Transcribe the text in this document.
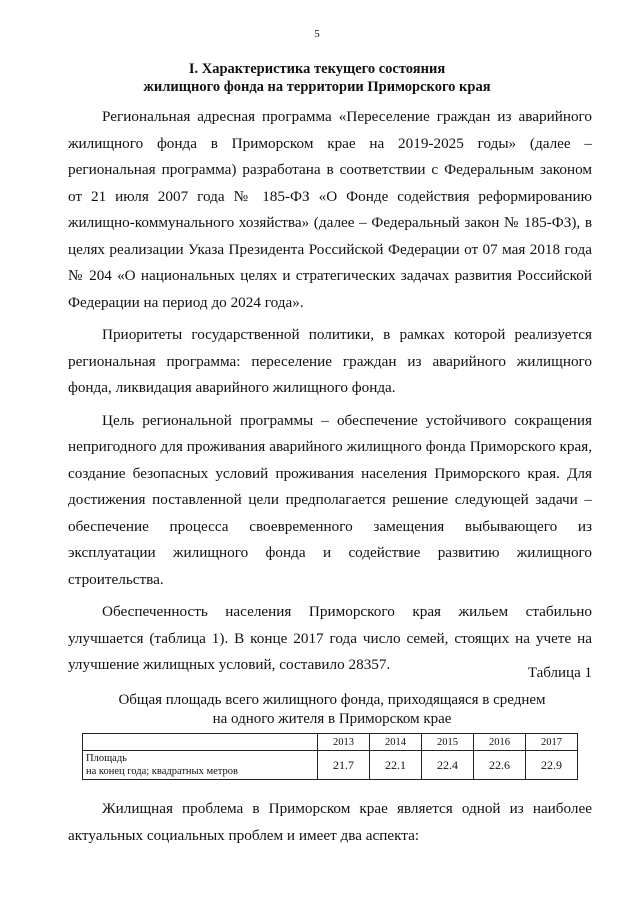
5
I. Характеристика текущего состояния
жилищного фонда на территории Приморского края

Региональная адресная программа «Переселение граждан из аварийного жилищного фонда в Приморском крае на 2019-2025 годы» (далее – региональная программа) разработана в соответствии с Федеральным законом от 21 июля 2007 года № 185-ФЗ «О Фонде содействия реформированию жилищно-коммунального хозяйства» (далее – Федеральный закон № 185-ФЗ), в целях реализации Указа Президента Российской Федерации от 07 мая 2018 года № 204 «О национальных целях и стратегических задачах развития Российской Федерации на период до 2024 года».

Приоритеты государственной политики, в рамках которой реализуется региональная программа: переселение граждан из аварийного жилищного фонда, ликвидация аварийного жилищного фонда.

Цель региональной программы – обеспечение устойчивого сокращения непригодного для проживания аварийного жилищного фонда Приморского края, создание безопасных условий проживания населения Приморского края. Для достижения поставленной цели предполагается решение следующей задачи – обеспечение процесса своевременного замещения выбывающего из эксплуатации жилищного фонда и содействие развитию жилищного строительства.

Обеспеченность населения Приморского края жильем стабильно улучшается (таблица 1). В конце 2017 года число семей, стоящих на учете на улучшение жилищных условий, составило 28357.	Таблица 1
Общая площадь всего жилищного фонда, приходящаяся в среднем
на одного жителя в Приморском крае
	2013	2014	2015	2016	2017

Площадь
на конец года; квадратных метров	21.7	22.1	22.4	22.6	22.9

Жилищная проблема в Приморском крае является одной из наиболее актуальных социальных проблем и имеет два аспекта:
